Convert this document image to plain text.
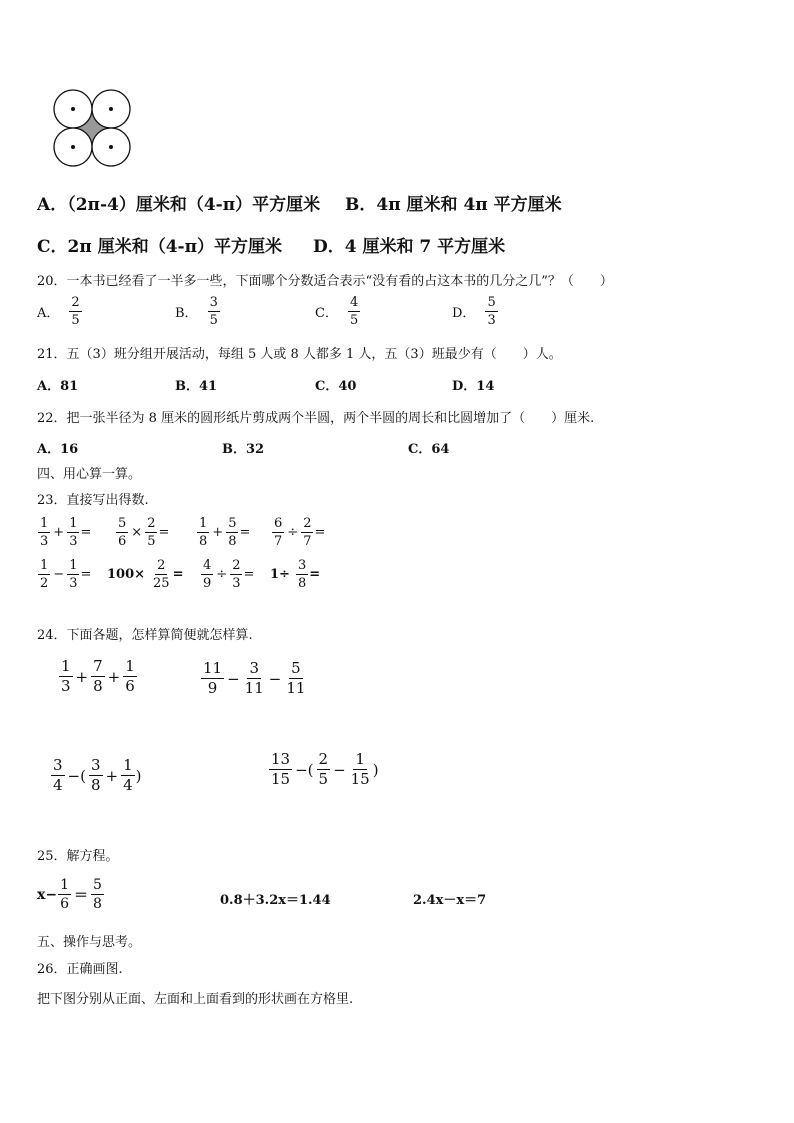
A．（2π-4）厘米和（4-π）平方厘米 B．4π 厘米和 4π 平方厘米
C．2π 厘米和（4-π）平方厘米 D．4 厘米和 7 平方厘米
20．一本书已经看了一半多一些，下面哪个分数适合表示“没有看的占这本书的几分之几”？（　　）
A． $\frac{2}{5}$	B． $\frac{3}{5}$	C． $\frac{4}{5}$	D． $\frac{5}{3}$
21．五（3）班分组开展活动，每组 5 人或 8 人都多 1 人，五（3）班最少有（　　）人。
A．81	B．41	C．40	D．14
22．把一张半径为 8 厘米的圆形纸片剪成两个半圆，两个半圆的周长和比圆增加了（　　）厘米.
A．16	B．32	C．64
四、用心算一算。
23．直接写出得数.
$\frac{1}{3} + \frac{1}{3} = \frac{5}{6} \times \frac{2}{5} = \frac{1}{8} + \frac{5}{8} = \frac{6}{7} \div \frac{2}{7}$ =
$\frac{1}{2} - \frac{1}{3} = 100\times \frac{2}{25} = \frac{4}{9} \div \frac{2}{3} = 1\div \frac{3}{8}$ =
24．下面各题，怎样算简便就怎样算.
$\frac{1}{3} + \frac{7}{8} + \frac{1}{6}$	$\frac{11}{9} - \frac{3}{11} - \frac{5}{11}$
$\frac{3}{4}$ −( $\frac{3}{8} + \frac{1}{4}$ )	$\frac{13}{15}$ −( $\frac{2}{5} - \frac{1}{15}$ )
25．解方程。
$x- \frac{1}{6} = \frac{5}{8}$	0.8＋3.2x＝1.44	2.4x－x＝7
五、操作与思考。
26．正确画图.
把下图分别从正面、左面和上面看到的形状画在方格里.
